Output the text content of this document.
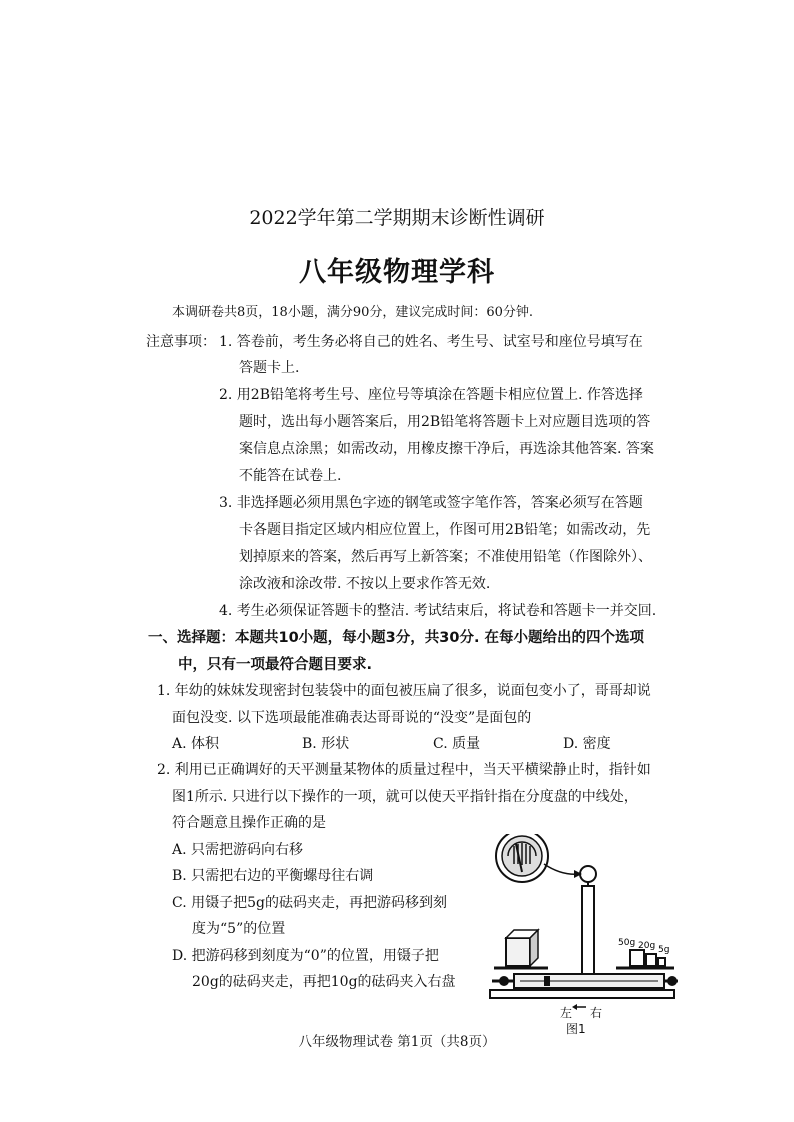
2022学年第二学期期末诊断性调研
八年级物理学科
本调研卷共8页，18小题，满分90分，建议完成时间：60分钟.
注意事项： 1. 答卷前，考生务必将自己的姓名、考生号、试室号和座位号填写在
答题卡上.
2. 用2B铅笔将考生号、座位号等填涂在答题卡相应位置上. 作答选择
题时，选出每小题答案后，用2B铅笔将答题卡上对应题目选项的答
案信息点涂黑；如需改动，用橡皮擦干净后，再选涂其他答案. 答案
不能答在试卷上.
3. 非选择题必须用黑色字迹的钢笔或签字笔作答，答案必须写在答题
卡各题目指定区域内相应位置上，作图可用2B铅笔；如需改动，先
划掉原来的答案，然后再写上新答案；不准使用铅笔（作图除外）、
涂改液和涂改带. 不按以上要求作答无效.
4. 考生必须保证答题卡的整洁. 考试结束后，将试卷和答题卡一并交回.
一、选择题：本题共10小题，每小题3分，共30分. 在每小题给出的四个选项
中，只有一项最符合题目要求.
1. 年幼的妹妹发现密封包装袋中的面包被压扁了很多，说面包变小了，哥哥却说
面包没变. 以下选项最能准确表达哥哥说的“没变”是面包的
A. 体积	B. 形状	C. 质量	D. 密度
2. 利用已正确调好的天平测量某物体的质量过程中，当天平横梁静止时，指针如
图1所示. 只进行以下操作的一项，就可以使天平指针指在分度盘的中线处，
符合题意且操作正确的是
A. 只需把游码向右移
B. 只需把右边的平衡螺母往右调
C. 用镊子把5g的砝码夹走，再把游码移到刻
度为“5”的位置
D. 把游码移到刻度为“0”的位置，用镊子把
20g的砝码夹走，再把10g的砝码夹入右盘
50g 20g 5g
左 右
图1
八年级物理试卷 第1页（共8页）
